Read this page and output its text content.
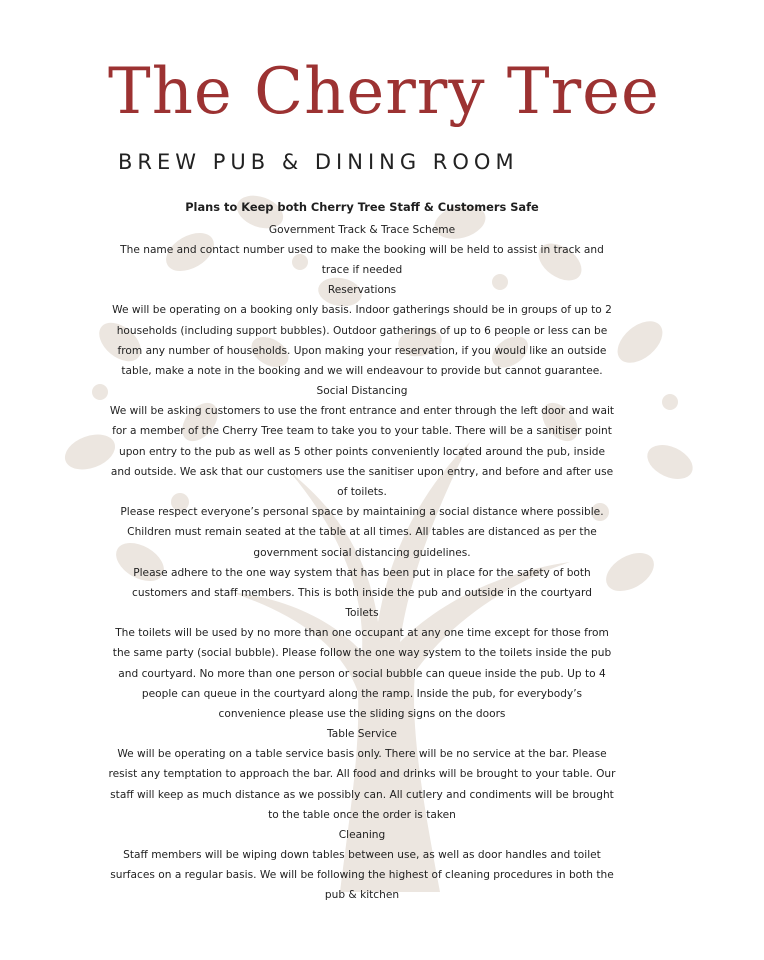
The Cherry Tree
BREW PUB & DINING ROOM
Plans to Keep both Cherry Tree Staff & Customers Safe
Government Track & Trace Scheme

The name and contact number used to make the booking will be held to assist in track and trace if needed

Reservations

We will be operating on a booking only basis. Indoor gatherings should be in groups of up to 2 households (including support bubbles). Outdoor gatherings of up to 6 people or less can be from any number of households. Upon making your reservation, if you would like an outside table, make a note in the booking and we will endeavour to provide but cannot guarantee.

Social Distancing

We will be asking customers to use the front entrance and enter through the left door and wait for a member of the Cherry Tree team to take you to your table. There will be a sanitiser point upon entry to the pub as well as 5 other points conveniently located around the pub, inside and outside. We ask that our customers use the sanitiser upon entry, and before and after use of toilets.

Please respect everyone’s personal space by maintaining a social distance where possible. Children must remain seated at the table at all times. All tables are distanced as per the government social distancing guidelines.

Please adhere to the one way system that has been put in place for the safety of both customers and staff members. This is both inside the pub and outside in the courtyard

Toilets

The toilets will be used by no more than one occupant at any one time except for those from the same party (social bubble). Please follow the one way system to the toilets inside the pub and courtyard. No more than one person or social bubble can queue inside the pub. Up to 4 people can queue in the courtyard along the ramp. Inside the pub, for everybody’s convenience please use the sliding signs on the doors

Table Service

We will be operating on a table service basis only. There will be no service at the bar. Please resist any temptation to approach the bar. All food and drinks will be brought to your table. Our staff will keep as much distance as we possibly can. All cutlery and condiments will be brought to the table once the order is taken

Cleaning

Staff members will be wiping down tables between use, as well as door handles and toilet surfaces on a regular basis. We will be following the highest of cleaning procedures in both the pub & kitchen
